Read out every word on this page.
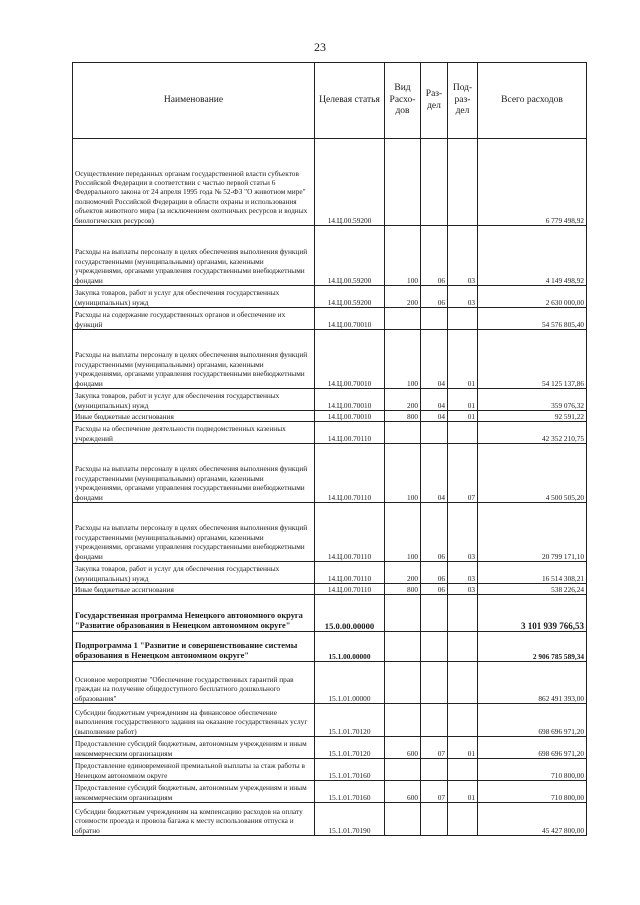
23
Наименование	Целевая статья	Вид Расхо-дов	Раз-дел	Под-раз-дел	Всего расходов
Осуществление переданных органам государственной власти субъектов Российской Федерации в соответствии с частью первой статьи 6 Федерального закона от 24 апреля 1995 года № 52-ФЗ "О животном мире" полномочий Российской Федерации в области охраны и использования объектов животного мира (за исключением охотничьих ресурсов и водных биологических ресурсов)	14.Ц.00.59200				6 779 498,92
Расходы на выплаты персоналу в целях обеспечения выполнения функций государственными (муниципальными) органами, казенными учреждениями, органами управления государственными внебюджетными фондами	14.Ц.00.59200	100	06	03	4 149 498,92
Закупка товаров, работ и услуг для обеспечения государственных (муниципальных) нужд	14.Ц.00.59200	200	06	03	2 630 000,00
Расходы на содержание государственных органов и обеспечение их функций	14.Ц.00.70010				54 576 805,40
Расходы на выплаты персоналу в целях обеспечения выполнения функций государственными (муниципальными) органами, казенными учреждениями, органами управления государственными внебюджетными фондами	14.Ц.00.70010	100	04	01	54 125 137,86
Закупка товаров, работ и услуг для обеспечения государственных (муниципальных) нужд	14.Ц.00.70010	200	04	01	359 076,32
Иные бюджетные ассигнования	14.Ц.00.70010	800	04	01	92 591,22
Расходы на обеспечение деятельности подведомственных казенных учреждений	14.Ц.00.70110				42 352 210,75
Расходы на выплаты персоналу в целях обеспечения выполнения функций государственными (муниципальными) органами, казенными учреждениями, органами управления государственными внебюджетными фондами	14.Ц.00.70110	100	04	07	4 500 505,20
Расходы на выплаты персоналу в целях обеспечения выполнения функций государственными (муниципальными) органами, казенными учреждениями, органами управления государственными внебюджетными фондами	14.Ц.00.70110	100	06	03	20 799 171,10
Закупка товаров, работ и услуг для обеспечения государственных (муниципальных) нужд	14.Ц.00.70110	200	06	03	16 514 308,21
Иные бюджетные ассигнования	14.Ц.00.70110	800	06	03	538 226,24
Государственная программа Ненецкого автономного округа "Развитие образования в Ненецком автономном округе"	15.0.00.00000				3 101 939 766,53
Подпрограмма 1 "Развитие и совершенствование системы образования в Ненецком автономном округе"	15.1.00.00000				2 906 785 589,34
Основное мероприятие "Обеспечение государственных гарантий прав граждан на получение общедоступного бесплатного дошкольного образования"	15.1.01.00000				862 491 393,00
Субсидии бюджетным учреждениям на финансовое обеспечение выполнения государственного задания на оказание государственных услуг (выполнение работ)	15.1.01.70120				698 696 971,20
Предоставление субсидий бюджетным, автономным учреждениям и иным некоммерческим организациям	15.1.01.70120	600	07	01	698 696 971,20
Предоставление единовременной премиальной выплаты за стаж работы в Ненецком автономном округе	15.1.01.70160				710 800,00
Предоставление субсидий бюджетным, автономным учреждениям и иным некоммерческим организациям	15.1.01.70160	600	07	01	710 800,00
Субсидии бюджетным учреждениям на компенсацию расходов на оплату стоимости проезда и провоза багажа к месту использования отпуска и обратно	15.1.01.70190				45 427 800,00
